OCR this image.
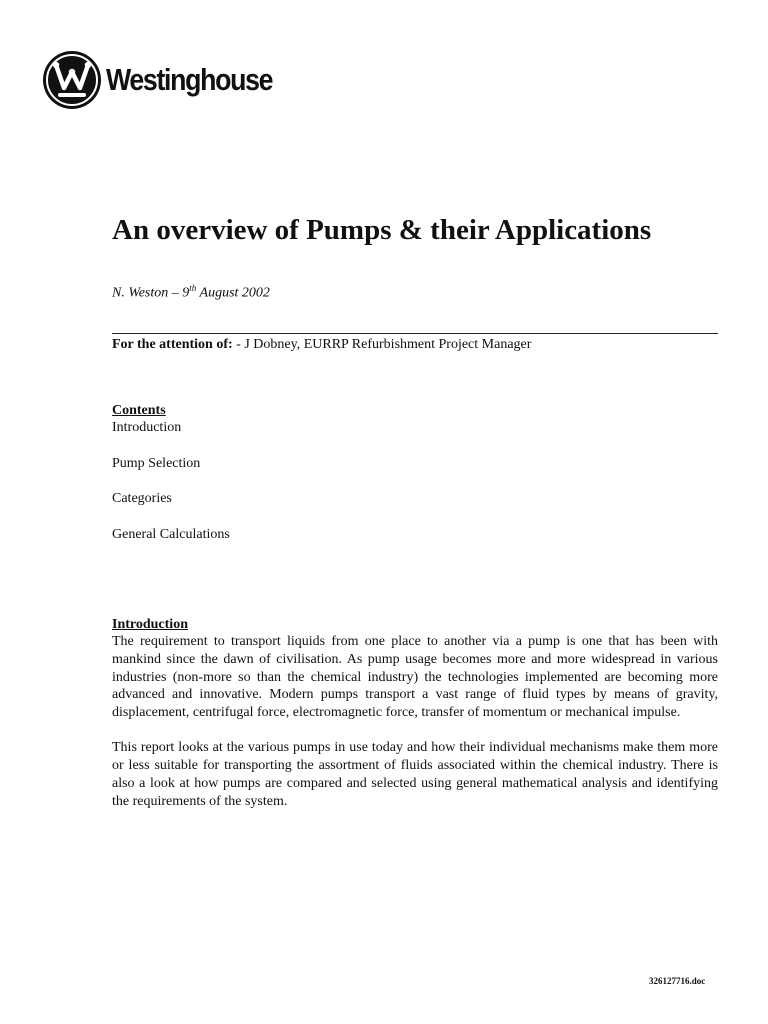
Westinghouse
An overview of Pumps & their Applications
N. Weston – 9th August 2002
For the attention of: - J Dobney, EURRP Refurbishment Project Manager
Contents
Introduction
Pump Selection
Categories
General Calculations
Introduction

The requirement to transport liquids from one place to another via a pump is one that has been with mankind since the dawn of civilisation. As pump usage becomes more and more widespread in various industries (non-more so than the chemical industry) the technologies implemented are becoming more advanced and innovative. Modern pumps transport a vast range of fluid types by means of gravity, displacement, centrifugal force, electromagnetic force, transfer of momentum or mechanical impulse.

This report looks at the various pumps in use today and how their individual mechanisms make them more or less suitable for transporting the assortment of fluids associated within the chemical industry. There is also a look at how pumps are compared and selected using general mathematical analysis and identifying the requirements of the system.

326127716.doc
